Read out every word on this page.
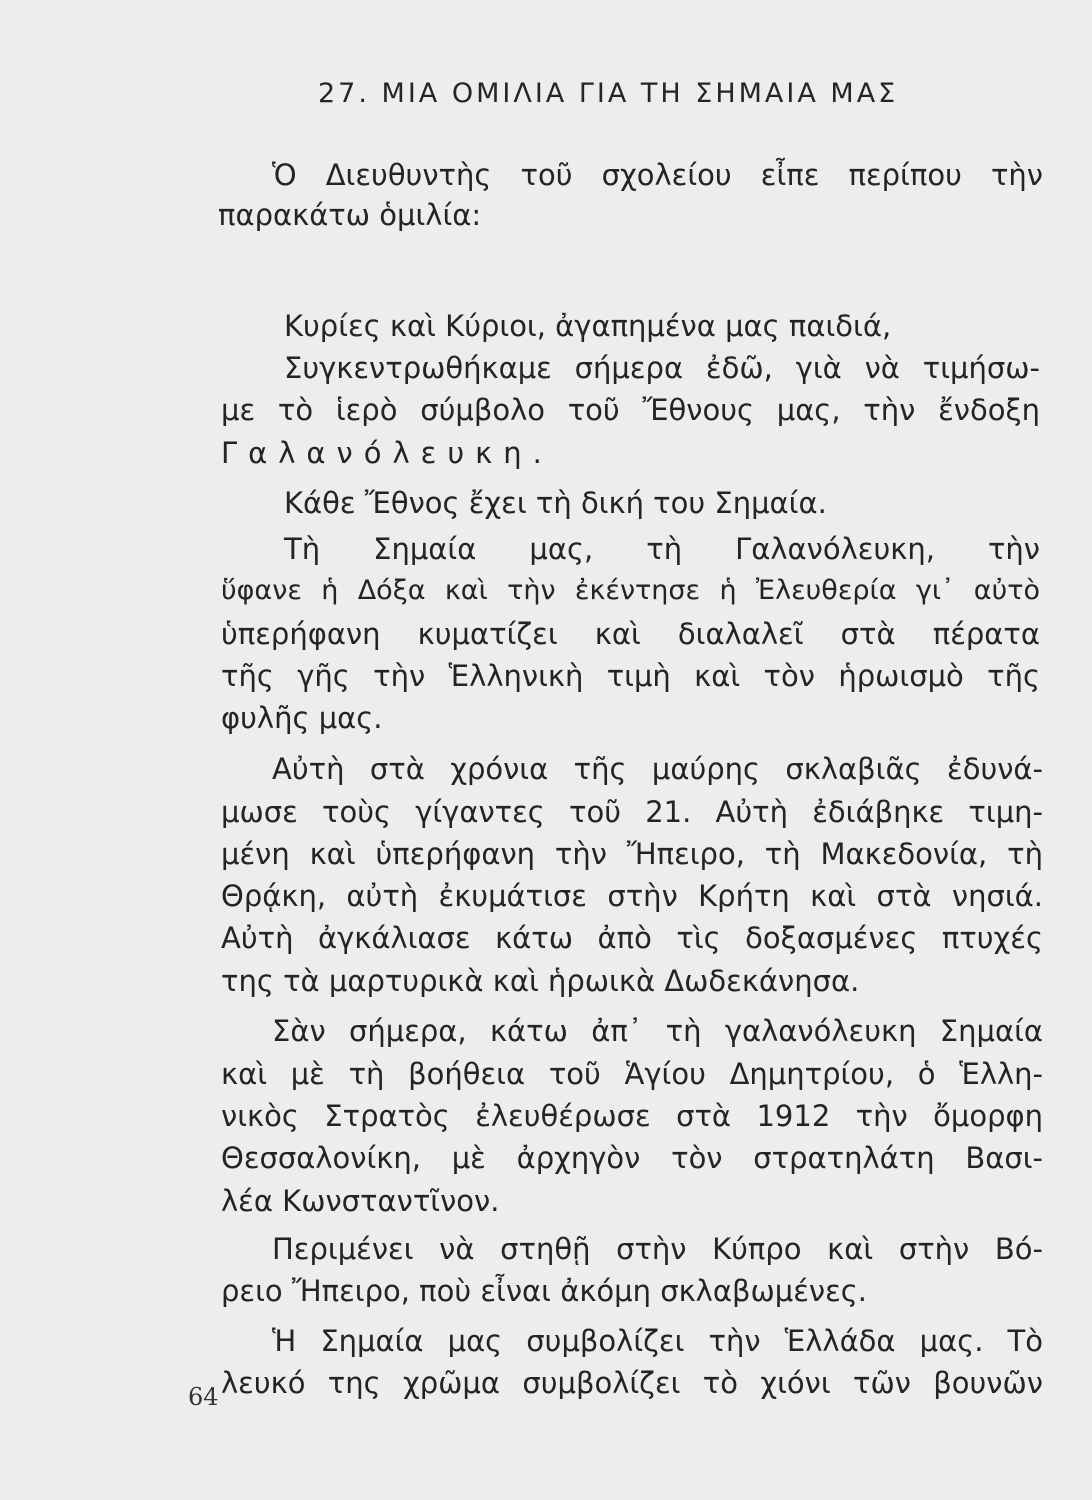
27. ΜΙΑ ΟΜΙΛΙΑ ΓΙΑ ΤΗ ΣΗΜΑΙΑ ΜΑΣ
Ὁ Διευθυντὴς τοῦ σχολείου εἶπε περίπου τὴν
παρακάτω ὁμιλία:
Κυρίες καὶ Κύριοι, ἀγαπημένα μας παιδιά,
Συγκεντρωθήκαμε σήμερα ἐδῶ, γιὰ νὰ τιμήσω-
με τὸ ἱερὸ σύμβολο τοῦ Ἔθνους μας, τὴν ἔνδοξη
Γαλανόλευκη.
Κάθε Ἔθνος ἔχει τὴ δική του Σημαία.
Τὴ Σημαία μας, τὴ Γαλανόλευκη, τὴν
ὕφανε ἡ Δόξα καὶ τὴν ἐκέντησε ἡ Ἐλευθερία γι᾽ αὐτὸ
ὑπερήφανη κυματίζει καὶ διαλαλεῖ στὰ πέρατα
τῆς γῆς τὴν Ἑλληνικὴ τιμὴ καὶ τὸν ἡρωισμὸ τῆς
φυλῆς μας.
Αὐτὴ στὰ χρόνια τῆς μαύρης σκλαβιᾶς ἐδυνά-
μωσε τοὺς γίγαντες τοῦ 21. Αὐτὴ ἐδιάβηκε τιμη-
μένη καὶ ὑπερήφανη τὴν Ἤπειρο, τὴ Μακεδονία, τὴ
Θρᾴκη, αὐτὴ ἐκυμάτισε στὴν Κρήτη καὶ στὰ νησιά.
Αὐτὴ ἀγκάλιασε κάτω ἀπὸ τὶς δοξασμένες πτυχές
της τὰ μαρτυρικὰ καὶ ἡρωικὰ Δωδεκάνησα.
Σὰν σήμερα, κάτω ἀπ᾽ τὴ γαλανόλευκη Σημαία
καὶ μὲ τὴ βοήθεια τοῦ Ἁγίου Δημητρίου, ὁ Ἑλλη-
νικὸς Στρατὸς ἐλευθέρωσε στὰ 1912 τὴν ὄμορφη
Θεσσαλονίκη, μὲ ἀρχηγὸν τὸν στρατηλάτη Βασι-
λέα Κωνσταντῖνον.
Περιμένει νὰ στηθῇ στὴν Κύπρο καὶ στὴν Βό-
ρειο Ἤπειρο, ποὺ εἶναι ἀκόμη σκλαβωμένες.
Ἡ Σημαία μας συμβολίζει τὴν Ἑλλάδα μας. Τὸ
λευκό της χρῶμα συμβολίζει τὸ χιόνι τῶν βουνῶν
64
